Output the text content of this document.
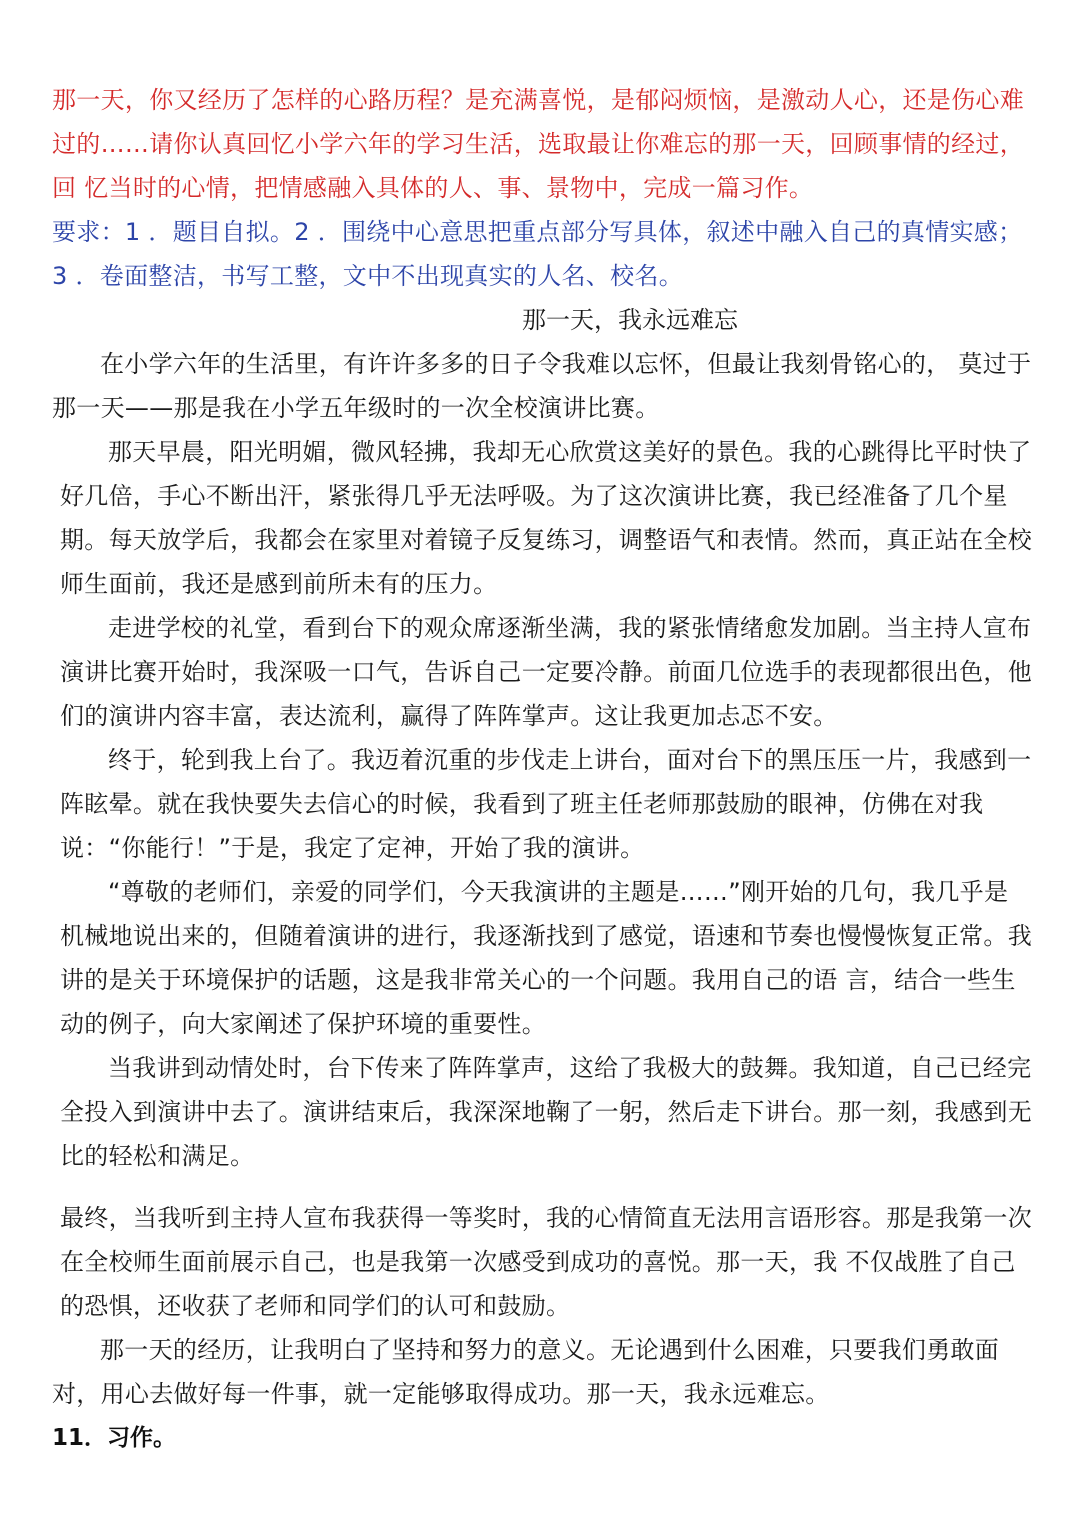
那一天，你又经历了怎样的心路历程？是充满喜悦，是郁闷烦恼，是激动人心，还是伤心难过的……请你认真回忆小学六年的学习生活，选取最让你难忘的那一天，回顾事情的经过，回 忆当时的心情，把情感融入具体的人、事、景物中，完成一篇习作。

要求：1 ．题目自拟。2 ．围绕中心意思把重点部分写具体，叙述中融入自己的真情实感；3 ．卷面整洁，书写工整，文中不出现真实的人名、校名。

那一天，我永远难忘

在小学六年的生活里，有许许多多的日子令我难以忘怀，但最让我刻骨铭心的， 莫过于那一天——那是我在小学五年级时的一次全校演讲比赛。

那天早晨，阳光明媚，微风轻拂，我却无心欣赏这美好的景色。我的心跳得比平时快了好几倍，手心不断出汗，紧张得几乎无法呼吸。为了这次演讲比赛，我已经准备了几个星期。每天放学后，我都会在家里对着镜子反复练习，调整语气和表情。然而，真正站在全校师生面前，我还是感到前所未有的压力。

走进学校的礼堂，看到台下的观众席逐渐坐满，我的紧张情绪愈发加剧。当主持人宣布演讲比赛开始时，我深吸一口气，告诉自己一定要冷静。前面几位选手的表现都很出色，他们的演讲内容丰富，表达流利，赢得了阵阵掌声。这让我更加忐忑不安。

终于，轮到我上台了。我迈着沉重的步伐走上讲台，面对台下的黑压压一片，我感到一阵眩晕。就在我快要失去信心的时候，我看到了班主任老师那鼓励的眼神，仿佛在对我说：“你能行！”于是，我定了定神，开始了我的演讲。

“尊敬的老师们，亲爱的同学们，今天我演讲的主题是……”刚开始的几句，我几乎是机械地说出来的，但随着演讲的进行，我逐渐找到了感觉，语速和节奏也慢慢恢复正常。我讲的是关于环境保护的话题，这是我非常关心的一个问题。我用自己的语 言，结合一些生动的例子，向大家阐述了保护环境的重要性。

当我讲到动情处时，台下传来了阵阵掌声，这给了我极大的鼓舞。我知道，自己已经完全投入到演讲中去了。演讲结束后，我深深地鞠了一躬，然后走下讲台。那一刻，我感到无比的轻松和满足。

最终，当我听到主持人宣布我获得一等奖时，我的心情简直无法用言语形容。那是我第一次在全校师生面前展示自己，也是我第一次感受到成功的喜悦。那一天，我 不仅战胜了自己的恐惧，还收获了老师和同学们的认可和鼓励。

那一天的经历，让我明白了坚持和努力的意义。无论遇到什么困难，只要我们勇敢面对，用心去做好每一件事，就一定能够取得成功。那一天，我永远难忘。

11．习作。
